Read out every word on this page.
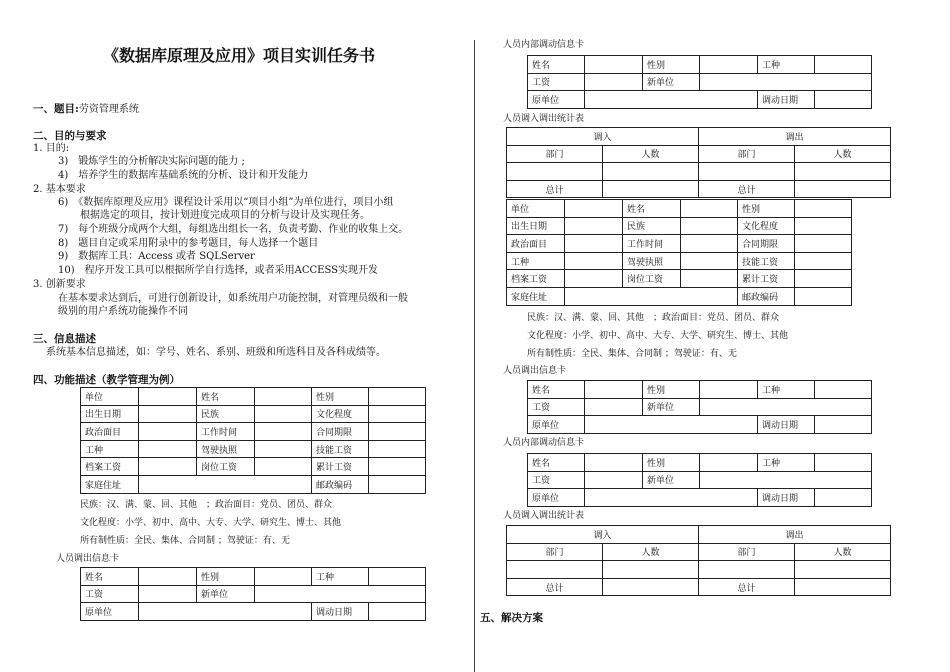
《数据库原理及应用》项目实训任务书
一、题目:劳资管理系统
二、目的与要求
1. 目的:
3)　锻炼学生的分析解决实际问题的能力 ;
4)　培养学生的数据库基础系统的分析、设计和开发能力
2. 基本要求
6)　《数据库原理及应用》课程设计采用以“项目小组”为单位进行，项目小组
根据选定的项目，按计划进度完成项目的分析与设计及实现任务。
7)　每个班级分成两个大组，每组选出组长一名，负责考勤、作业的收集上交。
8)　题目自定或采用附录中的参考题目，每人选择一个题目
9)　数据库工具：Access 或者 SQLServer
10)　程序开发工具可以根据所学自行选择，或者采用ACCESS实现开发
3. 创新要求
在基本要求达到后，可进行创新设计，如系统用户功能控制，对管理员级和一般
级别的用户系统功能操作不同
三、信息描述
系统基本信息描述，如：学号、姓名、系别、班级和所选科目及各科成绩等。
四、功能描述（教学管理为例）
单位		姓名		性别	
出生日期		民族		文化程度	
政治面目		工作时间		合同期限	
工种		驾驶执照		技能工资	
档案工资		岗位工资		累计工资	
家庭住址				邮政编码	
民族：汉、满、蒙、回、其他　；政治面目：党员、团员、群众
文化程度：小学、初中、高中、大专、大学、研究生、博士、其他
所有制性质：全民、集体、合同制 ；驾驶证：有、无
人员调出信息卡
姓名		性别		工种	
工资		新单位			
原单位				调动日期	
人员内部调动信息卡
姓名		性别		工种	
工资		新单位			
原单位				调动日期	
人员调入调出统计表
调入		调出	
部门	人数	部门	人数

总计		总计	
单位		姓名		性别	
出生日期		民族		文化程度	
政治面目		工作时间		合同期限	
工种		驾驶执照		技能工资	
档案工资		岗位工资		累计工资	
家庭住址				邮政编码	
民族：汉、满、蒙、回、其他　；政治面目：党员、团员、群众
文化程度：小学、初中、高中、大专、大学、研究生、博士、其他
所有制性质：全民、集体、合同制 ；驾驶证：有、无
人员调出信息卡
姓名		性别		工种	
工资		新单位			
原单位				调动日期	
人员内部调动信息卡
姓名		性别		工种	
工资		新单位			
原单位				调动日期	
人员调入调出统计表
调入		调出	
部门	人数	部门	人数

总计		总计	
五、解决方案
